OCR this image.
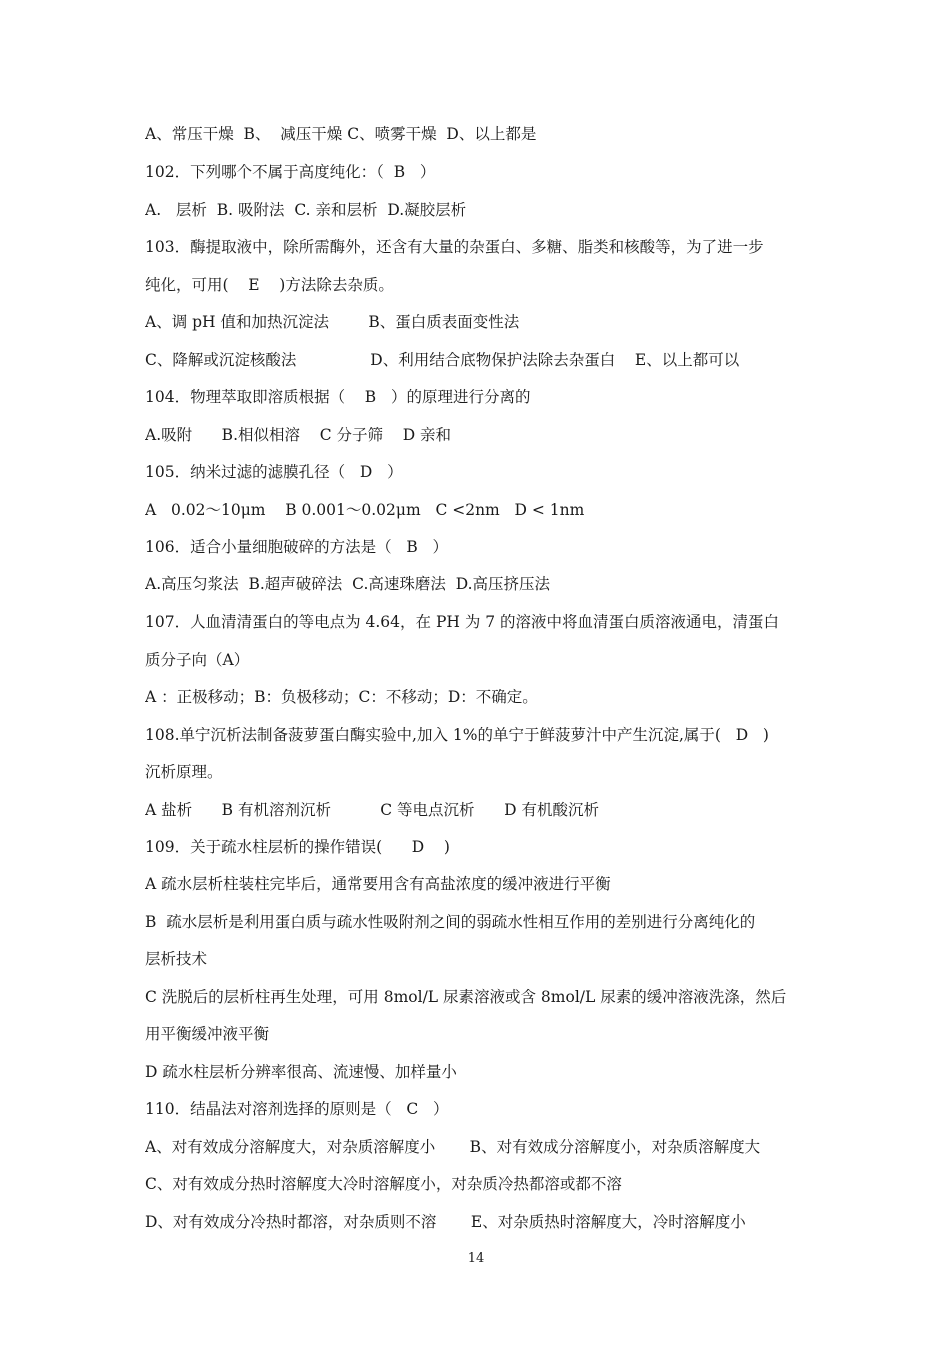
A、常压干燥  B、  减压干燥 C、喷雾干燥  D、以上都是
102．下列哪个不属于高度纯化：（  B   ）
A.   层析  B. 吸附法  C. 亲和层析  D.凝胶层析
103．酶提取液中，除所需酶外，还含有大量的杂蛋白、多糖、脂类和核酸等，为了进一步
纯化，可用(    E    )方法除去杂质。
A、调 pH 值和加热沉淀法        B、蛋白质表面变性法
C、降解或沉淀核酸法               D、利用结合底物保护法除去杂蛋白    E、以上都可以
104．物理萃取即溶质根据（    B   ）的原理进行分离的
A.吸附      B.相似相溶    C 分子筛    D 亲和
105．纳米过滤的滤膜孔径（   D   ）
A   0.02～10μm    B 0.001～0.02μm   C <2nm   D < 1nm
106．适合小量细胞破碎的方法是（   B   ）
A.高压匀浆法  B.超声破碎法  C.高速珠磨法  D.高压挤压法
107．人血清清蛋白的等电点为 4.64，在 PH 为 7 的溶液中将血清蛋白质溶液通电，清蛋白
质分子向（A）
A ：正极移动；B：负极移动；C：不移动；D：不确定。
108.单宁沉析法制备菠萝蛋白酶实验中,加入 1%的单宁于鲜菠萝汁中产生沉淀,属于(   D   )
沉析原理。
A 盐析      B 有机溶剂沉析          C 等电点沉析      D 有机酸沉析
109．关于疏水柱层析的操作错误(      D    )
A 疏水层析柱装柱完毕后，通常要用含有高盐浓度的缓冲液进行平衡
B  疏水层析是利用蛋白质与疏水性吸附剂之间的弱疏水性相互作用的差别进行分离纯化的
层析技术
C 洗脱后的层析柱再生处理，可用 8mol/L 尿素溶液或含 8mol/L 尿素的缓冲溶液洗涤，然后
用平衡缓冲液平衡
D 疏水柱层析分辨率很高、流速慢、加样量小
110．结晶法对溶剂选择的原则是（   C   ）
A、对有效成分溶解度大，对杂质溶解度小       B、对有效成分溶解度小，对杂质溶解度大
C、对有效成分热时溶解度大冷时溶解度小，对杂质冷热都溶或都不溶
D、对有效成分冷热时都溶，对杂质则不溶       E、对杂质热时溶解度大，冷时溶解度小
14
